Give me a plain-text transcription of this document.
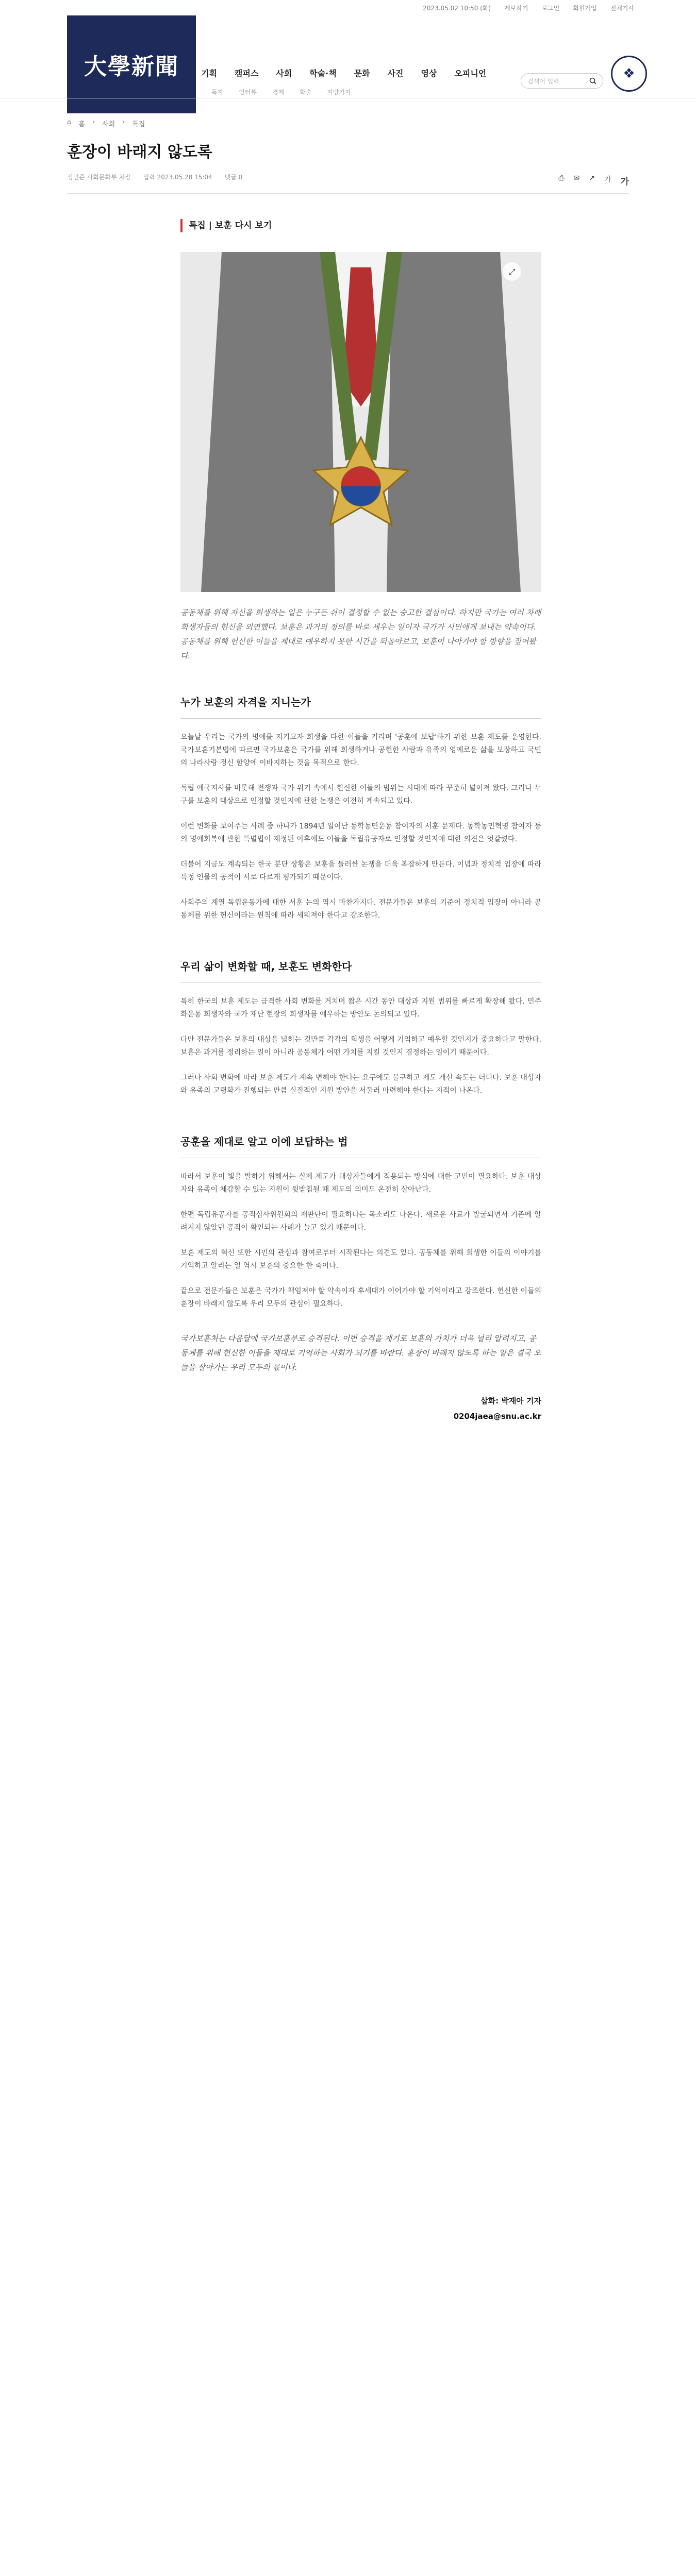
2023.05.02 10:50 (화) 제보하기 로그인 회원가입 전체기사
大學新聞	기획 캠퍼스 사회 학술·책 문화 사진 영상 오피니언
독자	인터뷰	경제	학술	지방기자
검색어 입력	❖
⌂ 홈 › 사회 › 특집
훈장이 바래지 않도록
정민준 사회문화부 차장 입력 2023.05.28 15:04 댓글 0	⎙ ✉ ↗ 가 가
특집 | 보훈 다시 보기
⤢

공동체를 위해 자신을 희생하는 일은 누구든 쉬이 결정할 수 없는 숭고한 결심이다. 하지만 국가는 여러 차례 희생자들의 헌신을 외면했다. 보훈은 과거의 정의를 바로 세우는 일이자 국가가 시민에게 보내는 약속이다. 공동체를 위해 헌신한 이들을 제대로 예우하지 못한 시간을 되돌아보고, 보훈이 나아가야 할 방향을 짚어봤다.

누가 보훈의 자격을 지니는가

오늘날 우리는 국가의 명예를 지키고자 희생을 다한 이들을 기리며 '공훈에 보답'하기 위한 보훈 제도를 운영한다. 국가보훈기본법에 따르면 국가보훈은 국가를 위해 희생하거나 공헌한 사람과 유족의 영예로운 삶을 보장하고 국민의 나라사랑 정신 함양에 이바지하는 것을 목적으로 한다.

독립 애국지사를 비롯해 전쟁과 국가 위기 속에서 헌신한 이들의 범위는 시대에 따라 꾸준히 넓어져 왔다. 그러나 누구를 보훈의 대상으로 인정할 것인지에 관한 논쟁은 여전히 계속되고 있다.

이런 변화를 보여주는 사례 중 하나가 1894년 일어난 동학농민운동 참여자의 서훈 문제다. 동학농민혁명 참여자 등의 명예회복에 관한 특별법이 제정된 이후에도 이들을 독립유공자로 인정할 것인지에 대한 의견은 엇갈렸다.

더불어 지금도 계속되는 한국 분단 상황은 보훈을 둘러싼 논쟁을 더욱 복잡하게 만든다. 이념과 정치적 입장에 따라 특정 인물의 공적이 서로 다르게 평가되기 때문이다.

사회주의 계열 독립운동가에 대한 서훈 논의 역시 마찬가지다. 전문가들은 보훈의 기준이 정치적 입장이 아니라 공동체를 위한 헌신이라는 원칙에 따라 세워져야 한다고 강조한다.

우리 삶이 변화할 때, 보훈도 변화한다

특히 한국의 보훈 제도는 급격한 사회 변화를 거치며 짧은 시간 동안 대상과 지원 범위를 빠르게 확장해 왔다. 민주화운동 희생자와 국가 재난 현장의 희생자를 예우하는 방안도 논의되고 있다.

다만 전문가들은 보훈의 대상을 넓히는 것만큼 각각의 희생을 어떻게 기억하고 예우할 것인지가 중요하다고 말한다. 보훈은 과거를 정리하는 일이 아니라 공동체가 어떤 가치를 지킬 것인지 결정하는 일이기 때문이다.

그러나 사회 변화에 따라 보훈 제도가 계속 변해야 한다는 요구에도 불구하고 제도 개선 속도는 더디다. 보훈 대상자와 유족의 고령화가 진행되는 만큼 실질적인 지원 방안을 서둘러 마련해야 한다는 지적이 나온다.

공훈을 제대로 알고 이에 보답하는 법

따라서 보훈이 빛을 발하기 위해서는 실제 제도가 대상자들에게 적용되는 방식에 대한 고민이 필요하다. 보훈 대상자와 유족이 체감할 수 있는 지원이 뒷받침될 때 제도의 의미도 온전히 살아난다.

한편 독립유공자를 공적심사위원회의 재판단이 필요하다는 목소리도 나온다. 새로운 사료가 발굴되면서 기존에 알려지지 않았던 공적이 확인되는 사례가 늘고 있기 때문이다.

보훈 제도의 혁신 또한 시민의 관심과 참여로부터 시작된다는 의견도 있다. 공동체를 위해 희생한 이들의 이야기를 기억하고 알리는 일 역시 보훈의 중요한 한 축이다.

끝으로 전문가들은 보훈은 국가가 책임져야 할 약속이자 후세대가 이어가야 할 기억이라고 강조한다. 헌신한 이들의 훈장이 바래지 않도록 우리 모두의 관심이 필요하다.

국가보훈처는 다음달에 국가보훈부로 승격된다. 이번 승격을 계기로 보훈의 가치가 더욱 널리 알려지고, 공동체를 위해 헌신한 이들을 제대로 기억하는 사회가 되기를 바란다. 훈장이 바래지 않도록 하는 일은 결국 오늘을 살아가는 우리 모두의 몫이다.

삽화: 박재아 기자
0204jaea@snu.ac.kr
